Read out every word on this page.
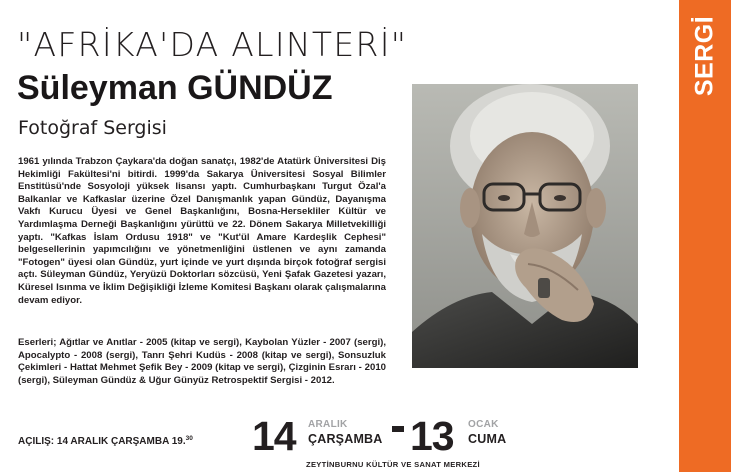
"AFRİKA'DA ALINTERİ"
Süleyman GÜNDÜZ
Fotoğraf Sergisi

1961 yılında Trabzon Çaykara'da doğan sanatçı, 1982'de Atatürk Üniversitesi Diş Hekimliği Fakültesi'ni bitirdi. 1999'da Sakarya Üniversitesi Sosyal Bilimler Enstitüsü'nde Sosyoloji yüksek lisansı yaptı. Cumhurbaşkanı Turgut Özal'a Balkanlar ve Kafkaslar üzerine Özel Danışmanlık yapan Gündüz, Dayanışma Vakfı Kurucu Üyesi ve Genel Başkanlığını, Bosna-Hersekliler Kültür ve Yardımlaşma Derneği Başkanlığını yürüttü ve 22. Dönem Sakarya Milletvekilliği yaptı. "Kafkas İslam Ordusu 1918" ve "Kut'ül Amare Kardeşlik Cephesi" belgesellerinin yapımcılığını ve yönetmenliğini üstlenen ve aynı zamanda "Fotogen" üyesi olan Gündüz, yurt içinde ve yurt dışında birçok fotoğraf sergisi açtı. Süleyman Gündüz, Yeryüzü Doktorları sözcüsü, Yeni Şafak Gazetesi yazarı, Küresel Isınma ve İklim Değişikliği İzleme Komitesi Başkanı olarak çalışmalarına devam ediyor.

Eserleri; Ağıtlar ve Anıtlar - 2005 (kitap ve sergi), Kaybolan Yüzler - 2007 (sergi), Apocalypto - 2008 (sergi), Tanrı Şehri Kudüs - 2008 (kitap ve sergi), Sonsuzluk Çekimleri - Hattat Mehmet Şefik Bey - 2009 (kitap ve sergi), Çizginin Esrarı - 2010 (sergi), Süleyman Gündüz & Uğur Günyüz Retrospektif Sergisi - 2012.

SERGİ
AÇILIŞ: 14 ARALIK ÇARŞAMBA 19.30 14 ARALIK
ÇARŞAMBA 13 OCAK
CUMA
ZEYTİNBURNU KÜLTÜR VE SANAT MERKEZİ
